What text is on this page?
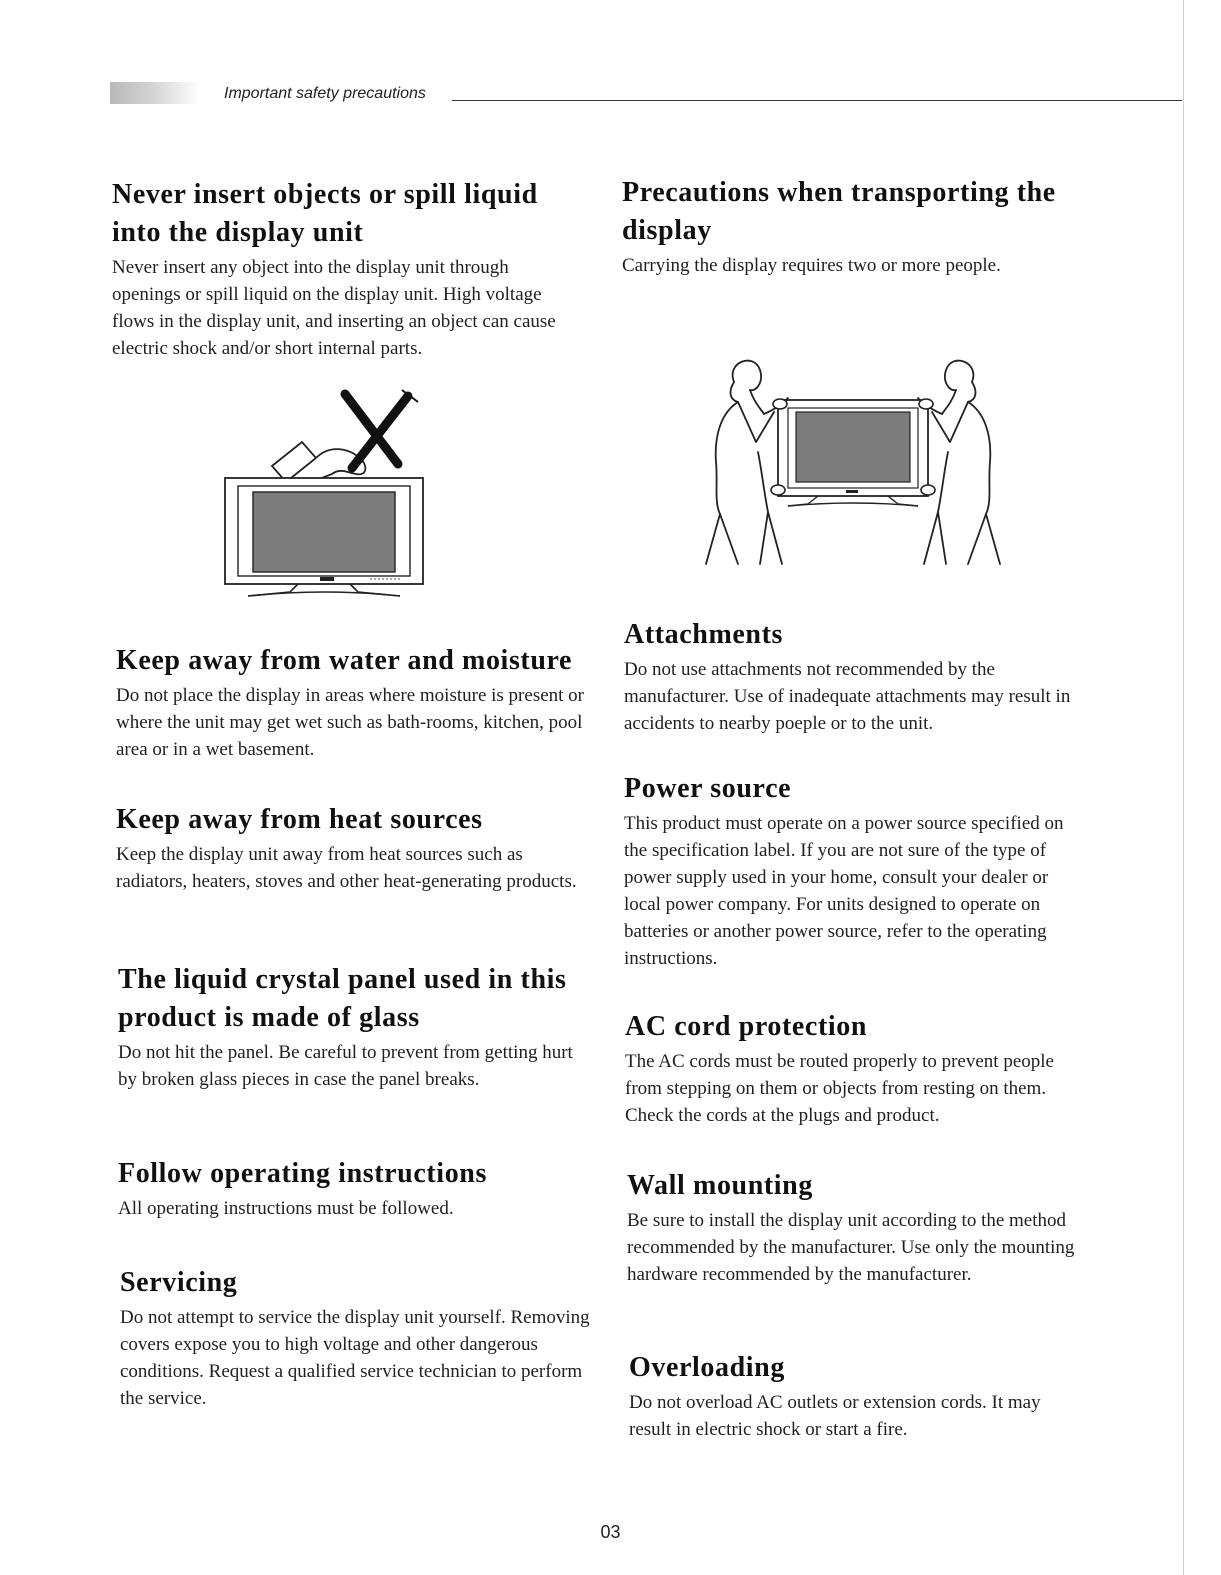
Important safety precautions
Never insert objects or spill liquid into the display unit

Never insert any object into the display unit through openings or spill liquid on the display unit. High voltage flows in the display unit, and inserting an object can cause electric shock and/or short internal parts.

Keep away from water and moisture

Do not place the display in areas where moisture is present or where the unit may get wet such as bath-rooms, kitchen, pool area or in a wet basement.

Keep away from heat sources

Keep the display unit away from heat sources such as radiators, heaters, stoves and other heat-generating products.

The liquid crystal panel used in this product is made of glass

Do not hit the panel. Be careful to prevent from getting hurt by broken glass pieces in case the panel breaks.

Follow operating instructions

All operating instructions must be followed.

Servicing

Do not attempt to service the display unit yourself. Removing covers expose you to high voltage and other dangerous conditions. Request a qualified service technician to perform the service.

Precautions when transporting the display

Carrying the display requires two or more people.

Attachments

Do not use attachments not recommended by the manufacturer. Use of inadequate attachments may result in accidents to nearby poeple or to the unit.

Power source

This product must operate on a power source specified on the specification label. If you are not sure of the type of power supply used in your home, consult your dealer or local power company. For units designed to operate on batteries or another power source, refer to the operating instructions.

AC cord protection

The AC cords must be routed properly to prevent people from stepping on them or objects from resting on them. Check the cords at the plugs and product.

Wall mounting

Be sure to install the display unit according to the method recommended by the manufacturer. Use only the mounting hardware recommended by the manufacturer.

Overloading

Do not overload AC outlets or extension cords. It may result in electric shock or start a fire.

03
